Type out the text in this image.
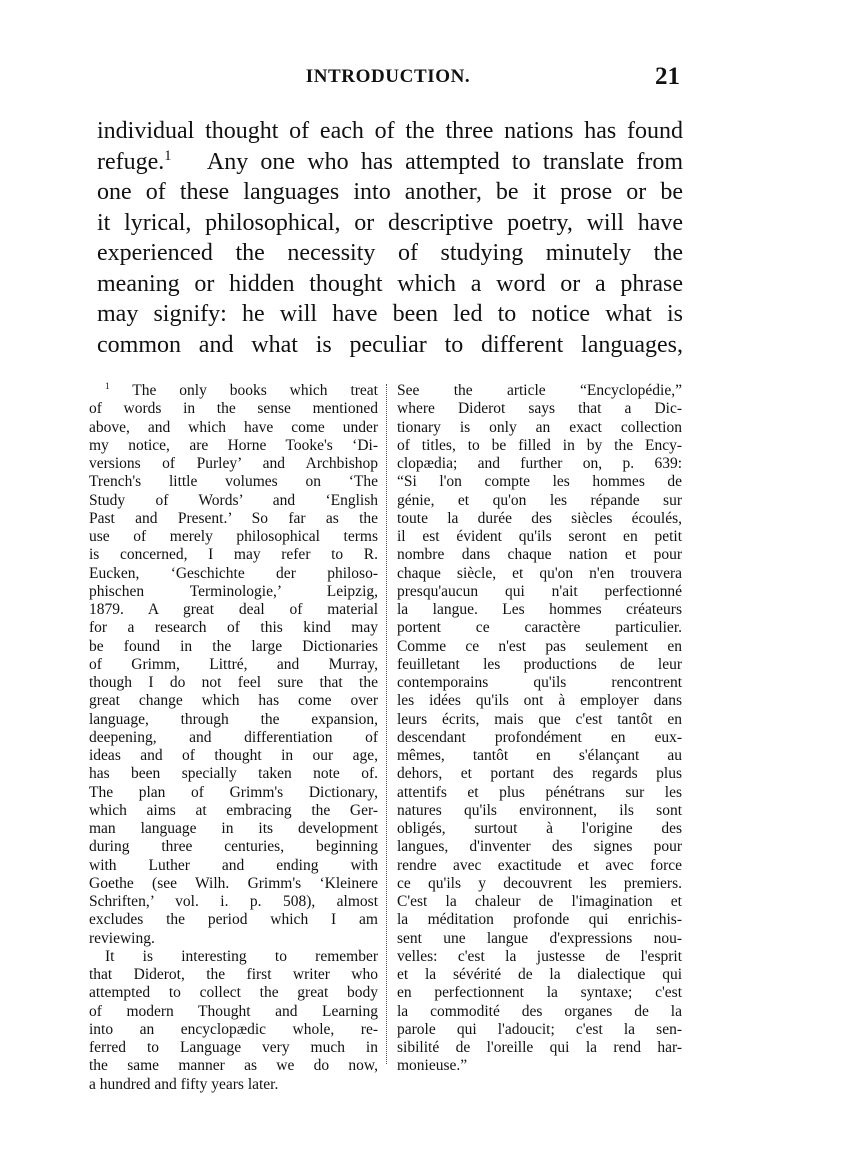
INTRODUCTION.	21
individual thought of each of the three nations has found
refuge.$^1$ Any one who has attempted to translate from
one of these languages into another, be it prose or be
it lyrical, philosophical, or descriptive poetry, will have
experienced the necessity of studying minutely the
meaning or hidden thought which a word or a phrase
may signify: he will have been led to notice what is
common and what is peculiar to different languages,
$^1$ The only books which treat
of words in the sense mentioned
above, and which have come under
my notice, are Horne Tooke's ‘Di-
versions of Purley’ and Archbishop
Trench's little volumes on ‘The
Study of Words’ and ‘English
Past and Present.’ So far as the
use of merely philosophical terms
is concerned, I may refer to R.
Eucken, ‘Geschichte der philoso-
phischen Terminologie,’ Leipzig,
1879. A great deal of material
for a research of this kind may
be found in the large Dictionaries
of Grimm, Littré, and Murray,
though I do not feel sure that the
great change which has come over
language, through the expansion,
deepening, and differentiation of
ideas and of thought in our age,
has been specially taken note of.
The plan of Grimm's Dictionary,
which aims at embracing the Ger-
man language in its development
during three centuries, beginning
with Luther and ending with
Goethe (see Wilh. Grimm's ‘Kleinere
Schriften,’ vol. i. p. 508), almost
excludes the period which I am
reviewing.
It is interesting to remember
that Diderot, the first writer who
attempted to collect the great body
of modern Thought and Learning
into an encyclopædic whole, re-
ferred to Language very much in
the same manner as we do now,
a hundred and fifty years later.
See the article “Encyclopédie,”
where Diderot says that a Dic-
tionary is only an exact collection
of titles, to be filled in by the Ency-
clopædia; and further on, p. 639:
“Si l'on compte les hommes de
génie, et qu'on les répande sur
toute la durée des siècles écoulés,
il est évident qu'ils seront en petit
nombre dans chaque nation et pour
chaque siècle, et qu'on n'en trouvera
presqu'aucun qui n'ait perfectionné
la langue. Les hommes créateurs
portent ce caractère particulier.
Comme ce n'est pas seulement en
feuilletant les productions de leur
contemporains qu'ils rencontrent
les idées qu'ils ont à employer dans
leurs écrits, mais que c'est tantôt en
descendant profondément en eux-
mêmes, tantôt en s'élançant au
dehors, et portant des regards plus
attentifs et plus pénétrans sur les
natures qu'ils environnent, ils sont
obligés, surtout à l'origine des
langues, d'inventer des signes pour
rendre avec exactitude et avec force
ce qu'ils y decouvrent les premiers.
C'est la chaleur de l'imagination et
la méditation profonde qui enrichis-
sent une langue d'expressions nou-
velles: c'est la justesse de l'esprit
et la sévérité de la dialectique qui
en perfectionnent la syntaxe; c'est
la commodité des organes de la
parole qui l'adoucit; c'est la sen-
sibilité de l'oreille qui la rend har-
monieuse.”
